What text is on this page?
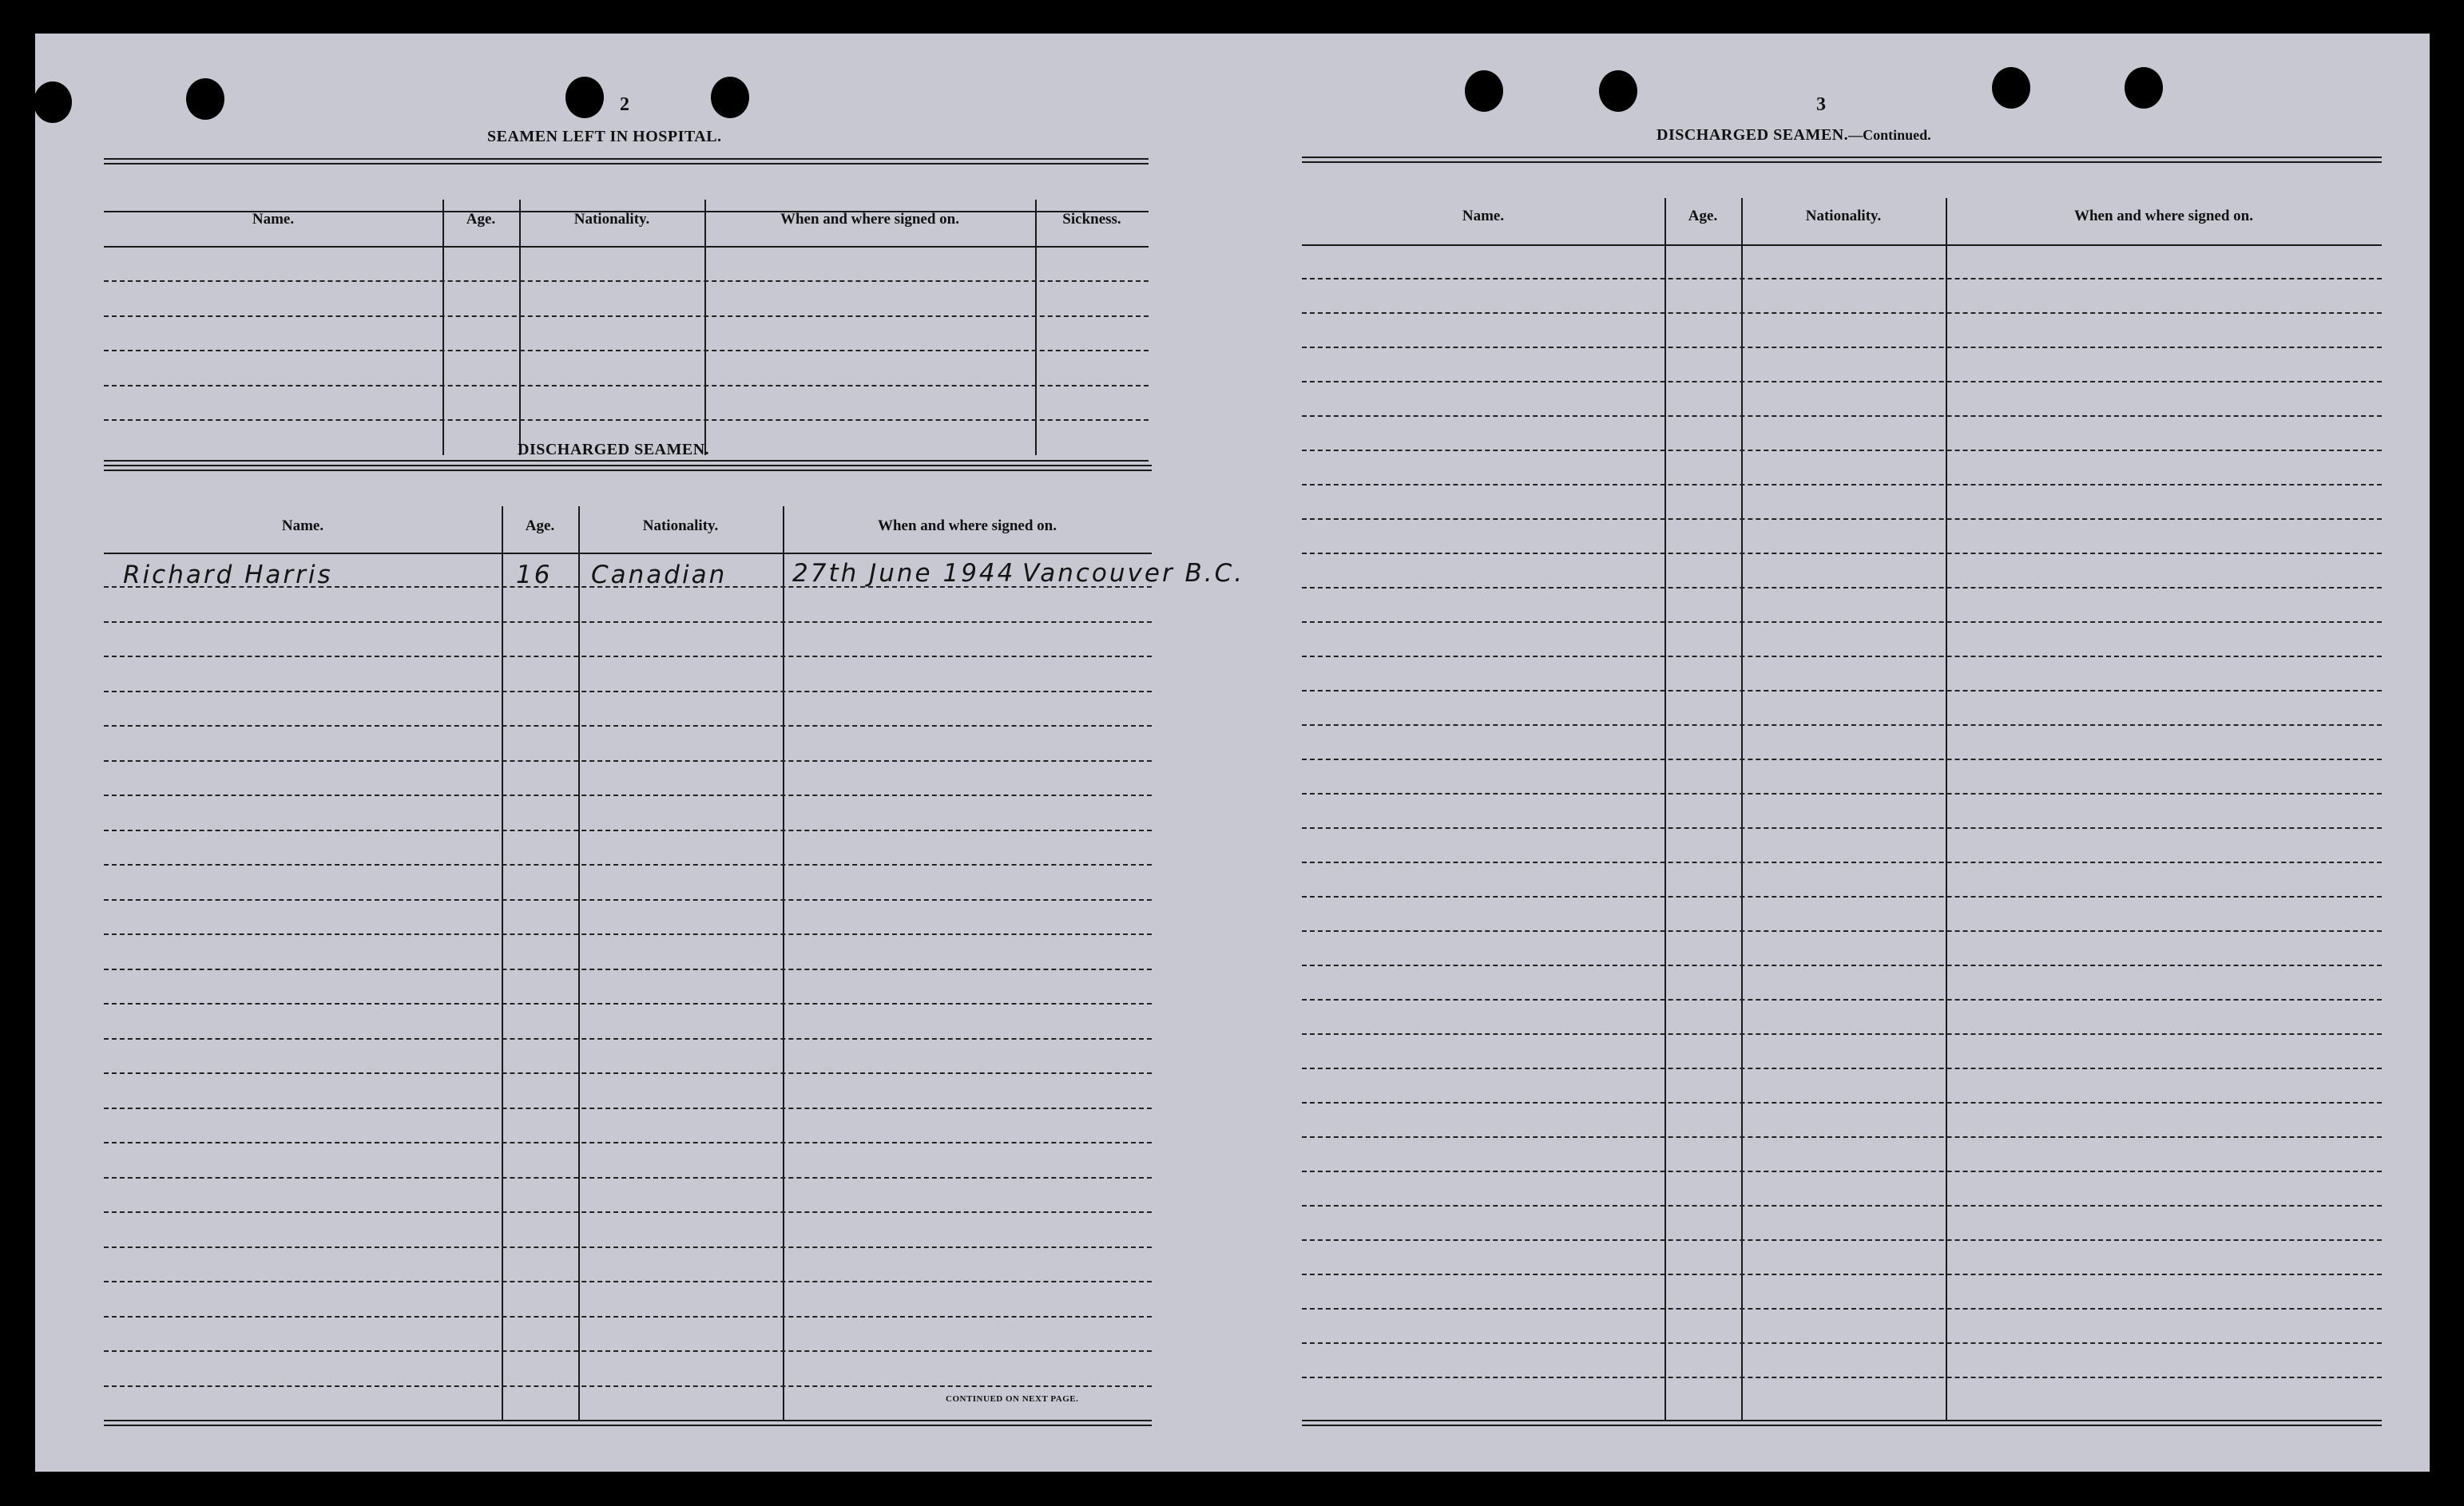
2
SEAMEN LEFT IN HOSPITAL.
Name.	Age.	Nationality.	When and where signed on.	Sickness.
DISCHARGED SEAMEN.
Name.	Age.	Nationality.	When and where signed on.
Richard Harris	16 Canadian	27th June 1944 Vancouver B.C.
CONTINUED ON NEXT PAGE.
3
DISCHARGED SEAMEN.—Continued.
Name.	Age.	Nationality.	When and where signed on.
